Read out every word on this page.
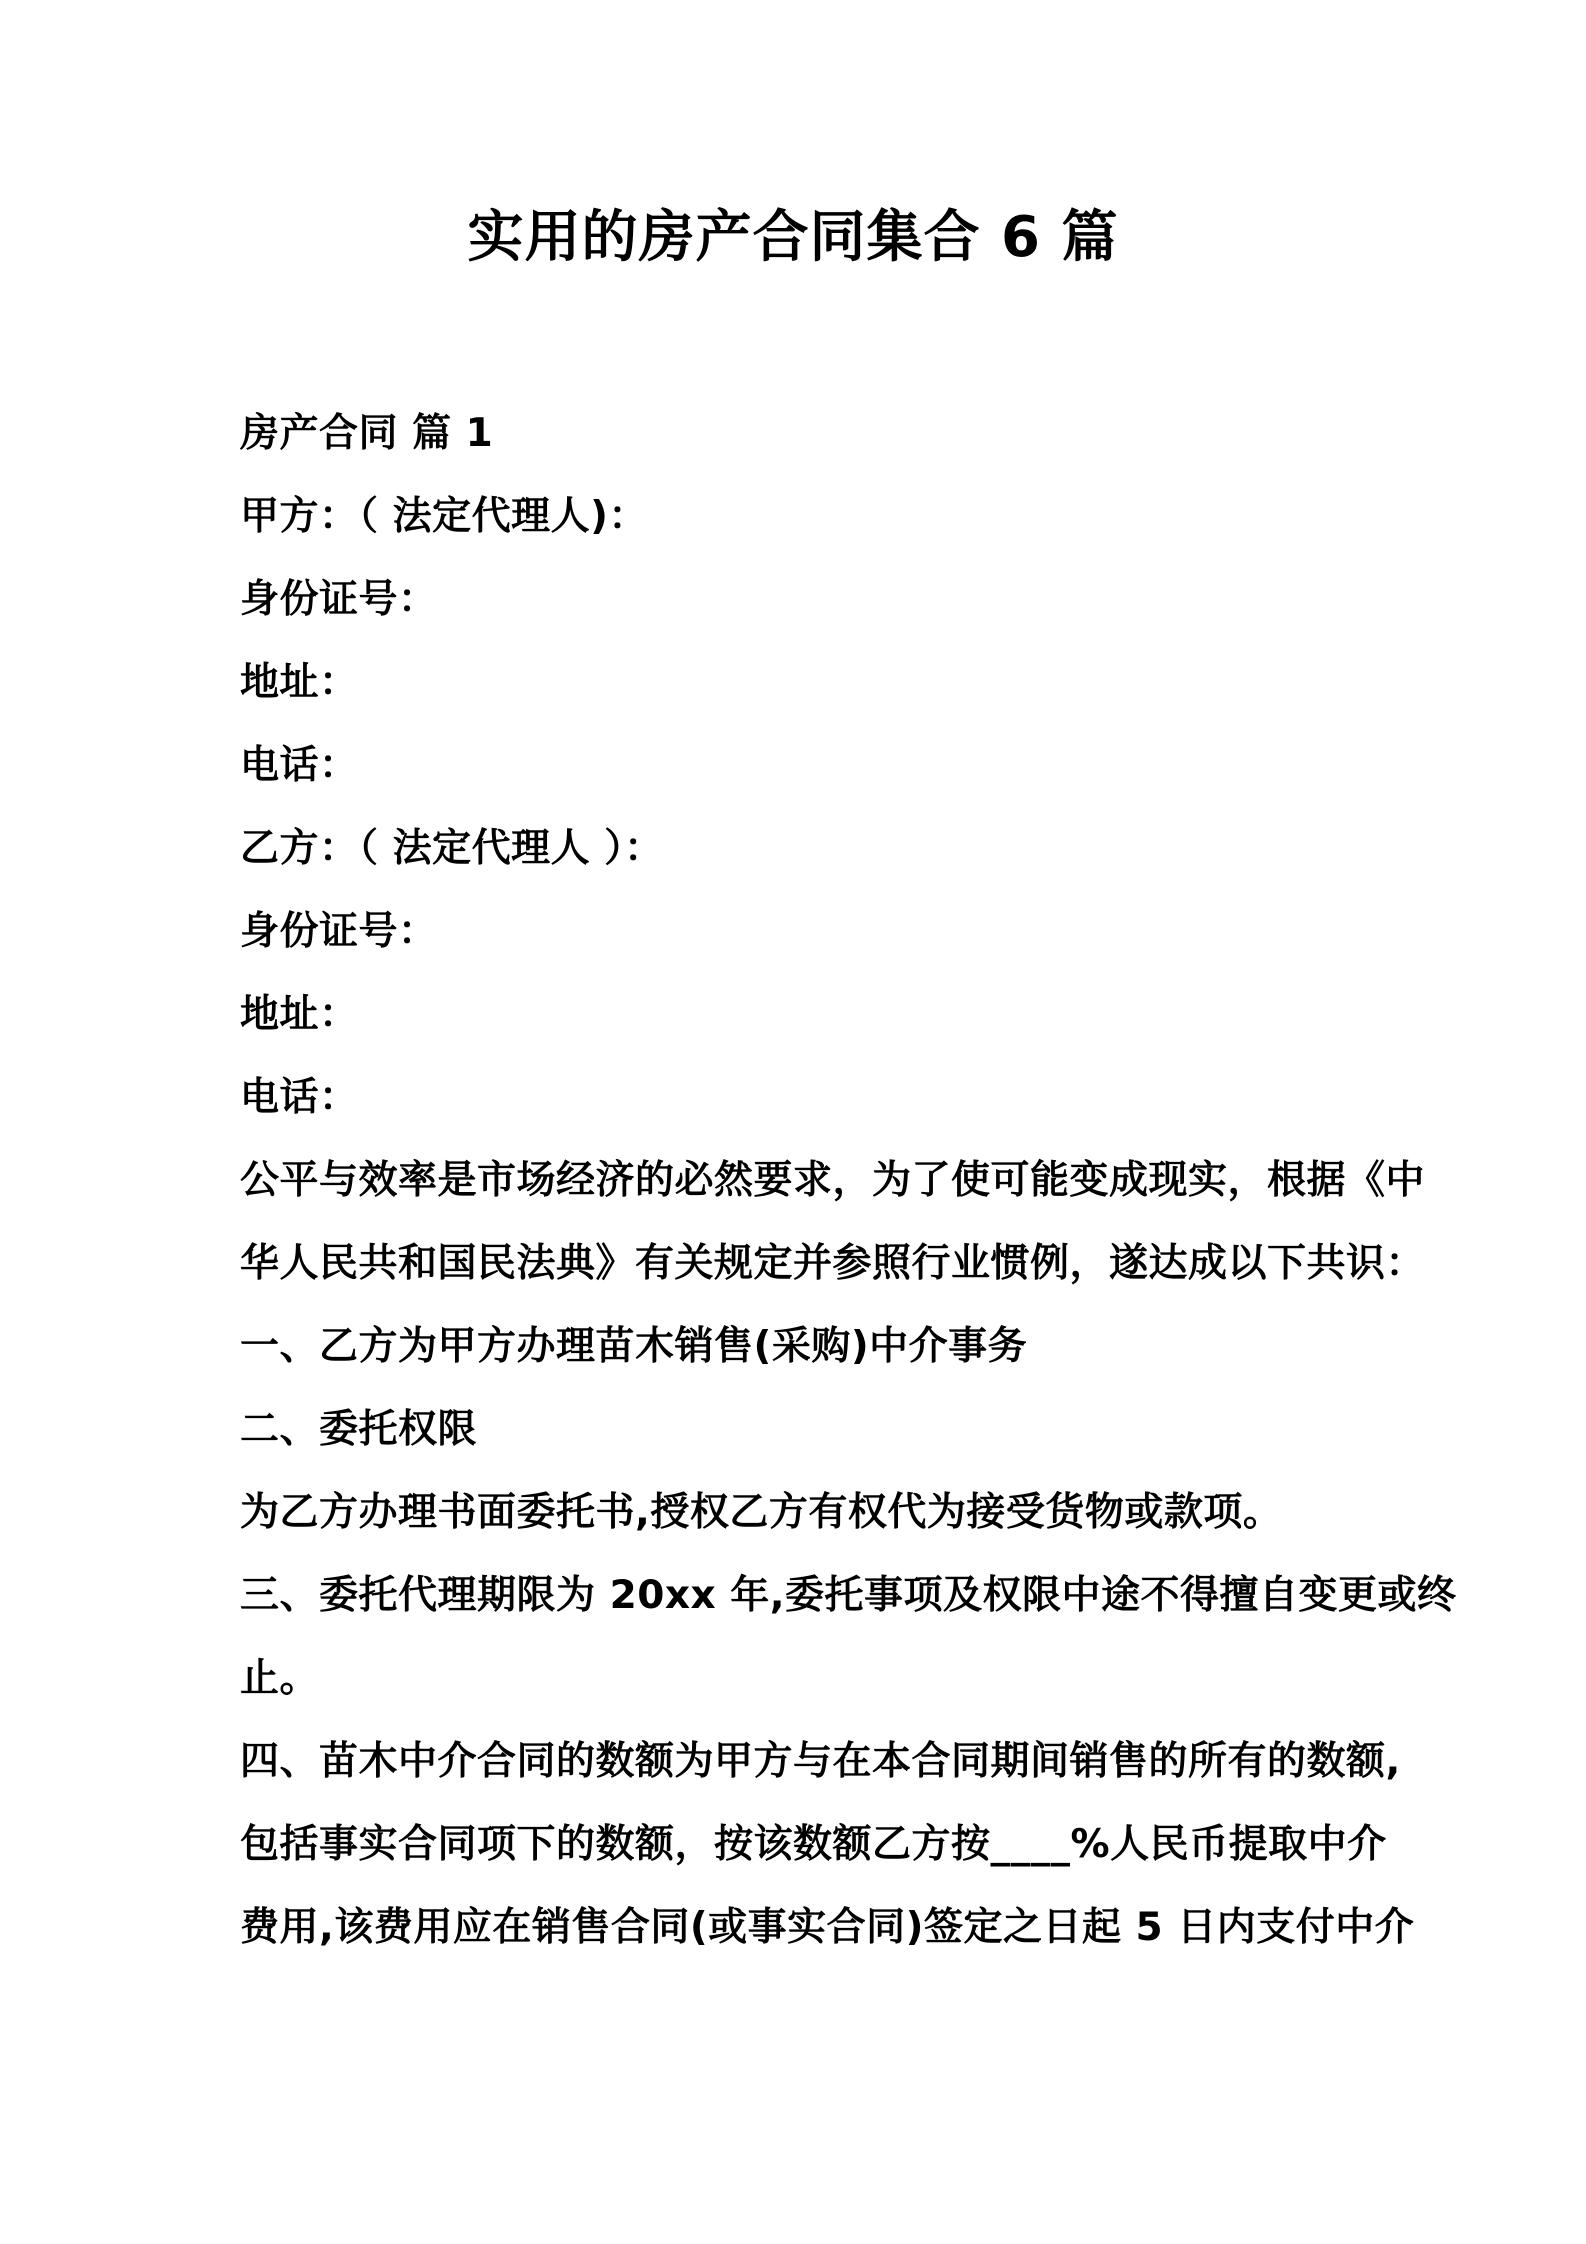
实用的房产合同集合 6 篇

房产合同 篇 1

甲方：（ 法定代理人)：

身份证号：

地址：

电话：

乙方：（ 法定代理人 ）：

身份证号：

地址：

电话：

公平与效率是市场经济的必然要求，为了使可能变成现实，根据《中

华人民共和国民法典》有关规定并参照行业惯例，遂达成以下共识：

一、乙方为甲方办理苗木销售(采购)中介事务

二、委托权限

为乙方办理书面委托书,授权乙方有权代为接受货物或款项。

三、委托代理期限为 20xx 年,委托事项及权限中途不得擅自变更或终

止。

四、苗木中介合同的数额为甲方与在本合同期间销售的所有的数额,

包括事实合同项下的数额，按该数额乙方按____%人民币提取中介

费用,该费用应在销售合同(或事实合同)签定之日起 5 日内支付中介
